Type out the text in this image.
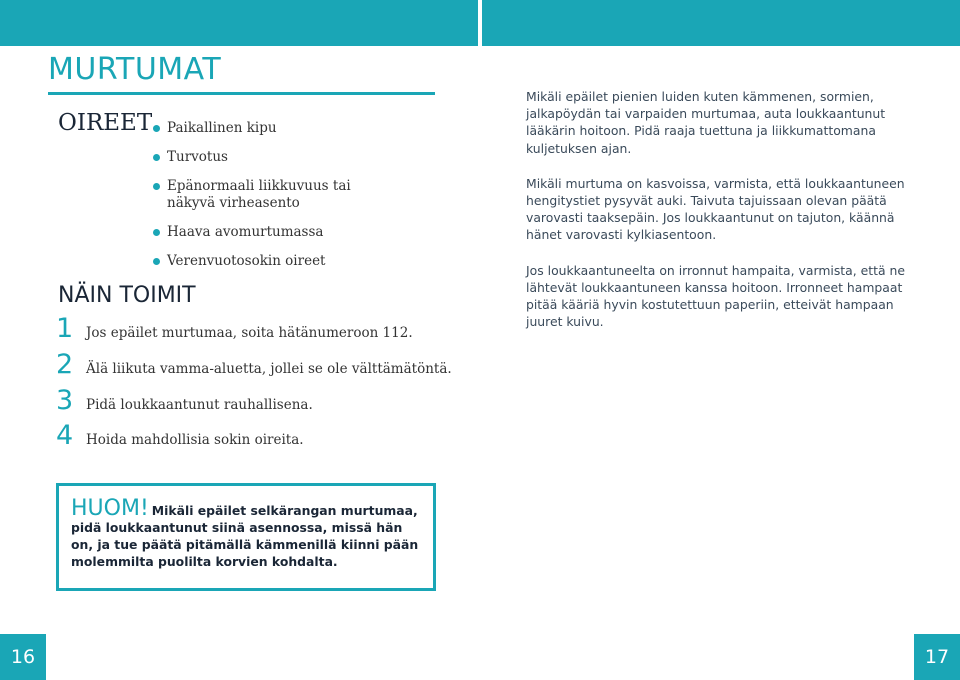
MURTUMAT
OIREET	Paikallinen kipu
Turvotus
Epänormaali liikkuvuus tai näkyvä virheasento
Haava avomurtumassa
Verenvuotosokin oireet
NÄIN TOIMIT
1 Jos epäilet murtumaa, soita hätänumeroon 112.
2 Älä liikuta vamma-aluetta, jollei se ole välttämätöntä.
3 Pidä loukkaantunut rauhallisena.
4 Hoida mahdollisia sokin oireita.
HUOM! Mikäli epäilet selkärangan murtumaa, pidä loukkaantunut siinä asennossa, missä hän on, ja tue päätä pitämällä kämmenillä kiinni pään molemmilta puolilta korvien kohdalta.

Mikäli epäilet pienien luiden kuten kämmenen, sormien, jalkapöydän tai varpaiden murtumaa, auta loukkaantunut lääkärin hoitoon. Pidä raaja tuettuna ja liikkumattomana kuljetuksen ajan.

Mikäli murtuma on kasvoissa, varmista, että loukkaantuneen hengitystiet pysyvät auki. Taivuta tajuissaan olevan päätä varovasti taaksepäin. Jos loukkaantunut on tajuton, käännä hänet varovasti kylkiasentoon.

Jos loukkaantuneelta on irronnut hampaita, varmista, että ne lähtevät loukkaantuneen kanssa hoitoon. Irronneet hampaat pitää kääriä hyvin kostutettuun paperiin, etteivät hampaan juuret kuivu.

16	17
